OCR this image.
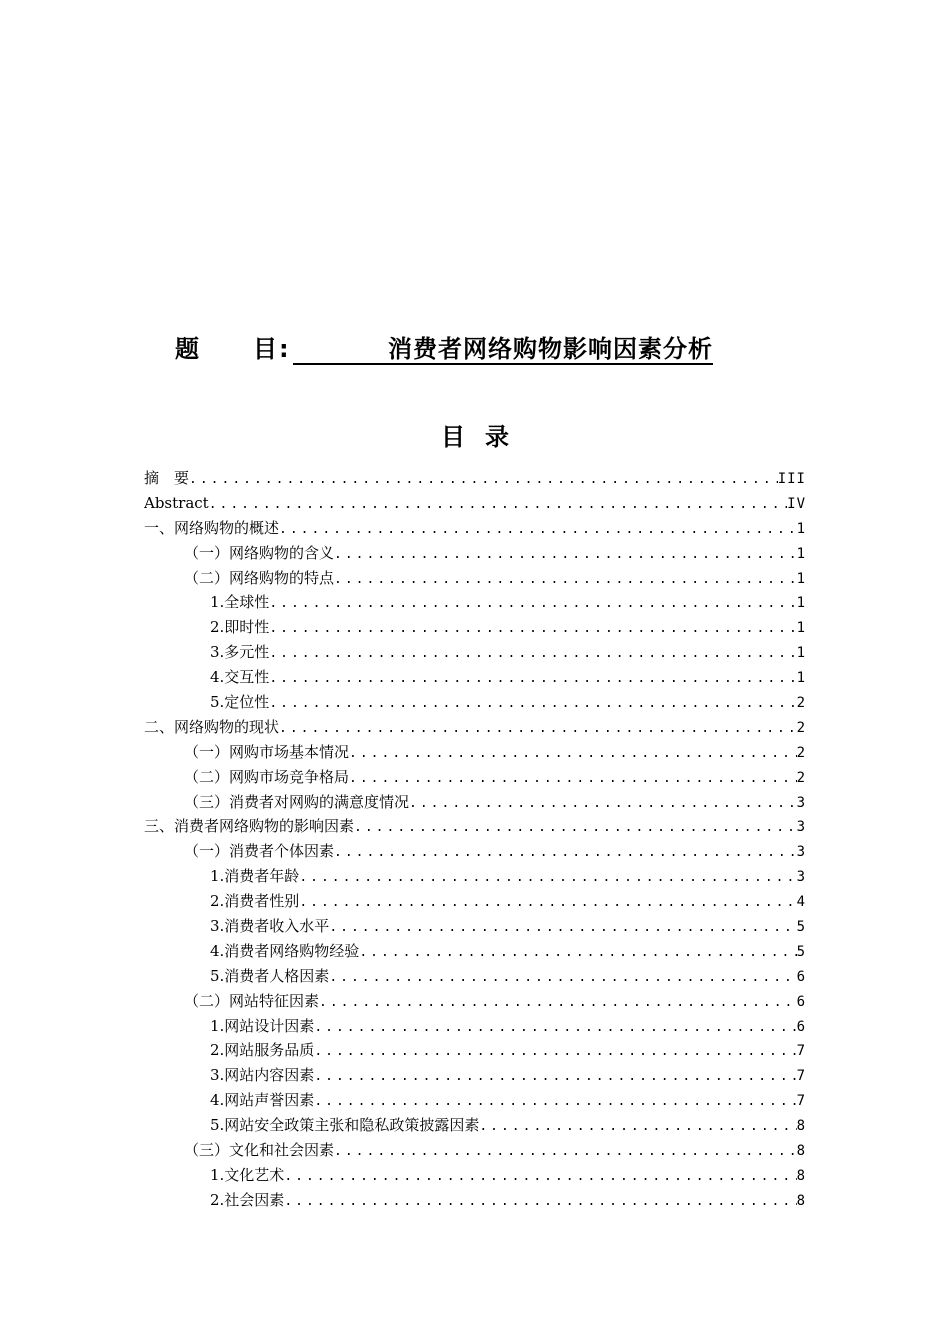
题 目:	消费者网络购物影响因素分析
目录
摘　要 .....	III
Abstract .....	IV
一、网络购物的概述 .....	1
（一）网络购物的含义 .....	1
（二）网络购物的特点 .....	1
1.全球性 .....	1
2.即时性 .....	1
3.多元性 .....	1
4.交互性 .....	1
5.定位性 .....	2
二、网络购物的现状 .....	2
（一）网购市场基本情况 .....	2
（二）网购市场竞争格局 .....	2
（三）消费者对网购的满意度情况 .....	3
三、消费者网络购物的影响因素 .....	3
（一）消费者个体因素 .....	3
1.消费者年龄 .....	3
2.消费者性别 .....	4
3.消费者收入水平 .....	5
4.消费者网络购物经验 .....	5
5.消费者人格因素 .....	6
（二）网站特征因素 .....	6
1.网站设计因素 .....	6
2.网站服务品质 .....	7
3.网站内容因素 .....	7
4.网站声誉因素 .....	7
5.网站安全政策主张和隐私政策披露因素 .....	8
（三）文化和社会因素 .....	8
1.文化艺术 .....	8
2.社会因素 .....	8
